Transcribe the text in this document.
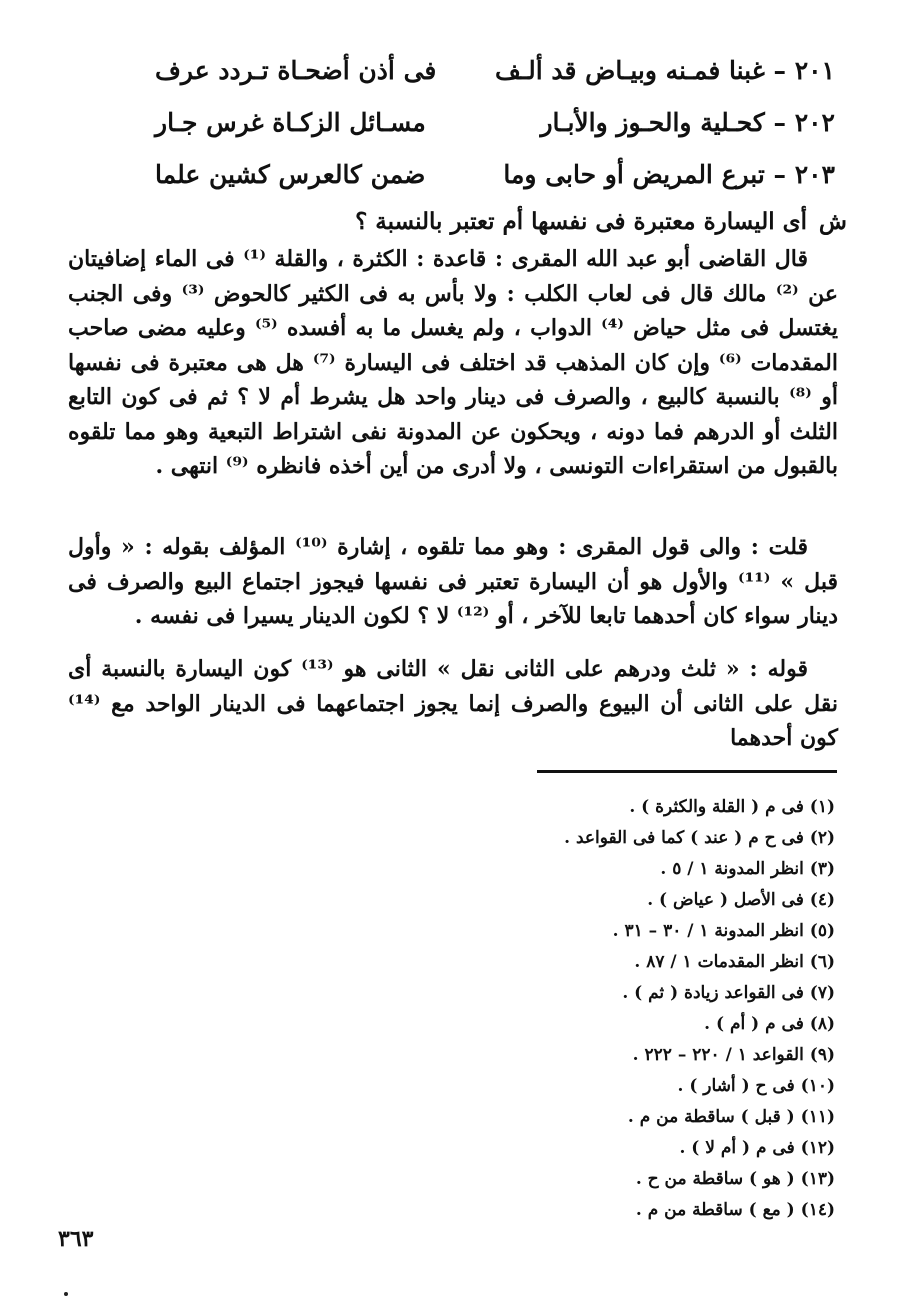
٢٠١ – غبنا فمـنه وبيـاض قد ألـف
فى أذن أضحـاة تـردد عرف
٢٠٢ – كحـلية والحـوز والأبـار
مسـائل الزكـاة غرس جـار
٢٠٣ – تبرع المريض أو حابى وما
ضمن كالعرس كشين علما
ش
أى اليسارة معتبرة فى نفسها أم تعتبر بالنسبة ؟

قال القاضى أبو عبد الله المقرى : قاعدة : الكثرة ، والقلة ⁽¹⁾ فى الماء إضافيتان عن ⁽²⁾ مالك قال فى لعاب الكلب : ولا بأس به فى الكثير كالحوض ⁽³⁾ وفى الجنب يغتسل فى مثل حياض ⁽⁴⁾ الدواب ، ولم يغسل ما به أفسده ⁽⁵⁾ وعليه مضى صاحب المقدمات ⁽⁶⁾ وإن كان المذهب قد اختلف فى اليسارة ⁽⁷⁾ هل هى معتبرة فى نفسها أو ⁽⁸⁾ بالنسبة كالبيع ، والصرف فى دينار واحد هل يشرط أم لا ؟ ثم فى كون التابع الثلث أو الدرهم فما دونه ، ويحكون عن المدونة نفى اشتراط التبعية وهو مما تلقوه بالقبول من استقراءات التونسى ، ولا أدرى من أين أخذه فانظره ⁽⁹⁾ انتهى .

قلت : والى قول المقرى : وهو مما تلقوه ، إشارة ⁽¹⁰⁾ المؤلف بقوله : « وأول قبل » ⁽¹¹⁾ والأول هو أن اليسارة تعتبر فى نفسها فيجوز اجتماع البيع والصرف فى دينار سواء كان أحدهما تابعا للآخر ، أو ⁽¹²⁾ لا ؟ لكون الدينار يسيرا فى نفسه .

قوله : « ثلث ودرهم على الثانى نقل » الثانى هو ⁽¹³⁾ كون اليسارة بالنسبة أى نقل على الثانى أن البيوع والصرف إنما يجوز اجتماعهما فى الدينار الواحد مع ⁽¹⁴⁾ كون أحدهما

(١) فى م ( القلة والكثرة ) .
(٢) فى ح م ( عند ) كما فى القواعد .
(٣) انظر المدونة ١ / ٥ .
(٤) فى الأصل ( عياض ) .
(٥) انظر المدونة ١ / ٣٠ – ٣١ .
(٦) انظر المقدمات ١ / ٨٧ .
(٧) فى القواعد زيادة ( ثم ) .
(٨) فى م ( أم ) .
(٩) القواعد ١ / ٢٢٠ – ٢٢٢ .
(١٠) فى ح ( أشار ) .
(١١) ( قبل ) ساقطة من م .
(١٢) فى م ( أم لا ) .
(١٣) ( هو ) ساقطة من ح .
(١٤) ( مع ) ساقطة من م .
٣٦٣
